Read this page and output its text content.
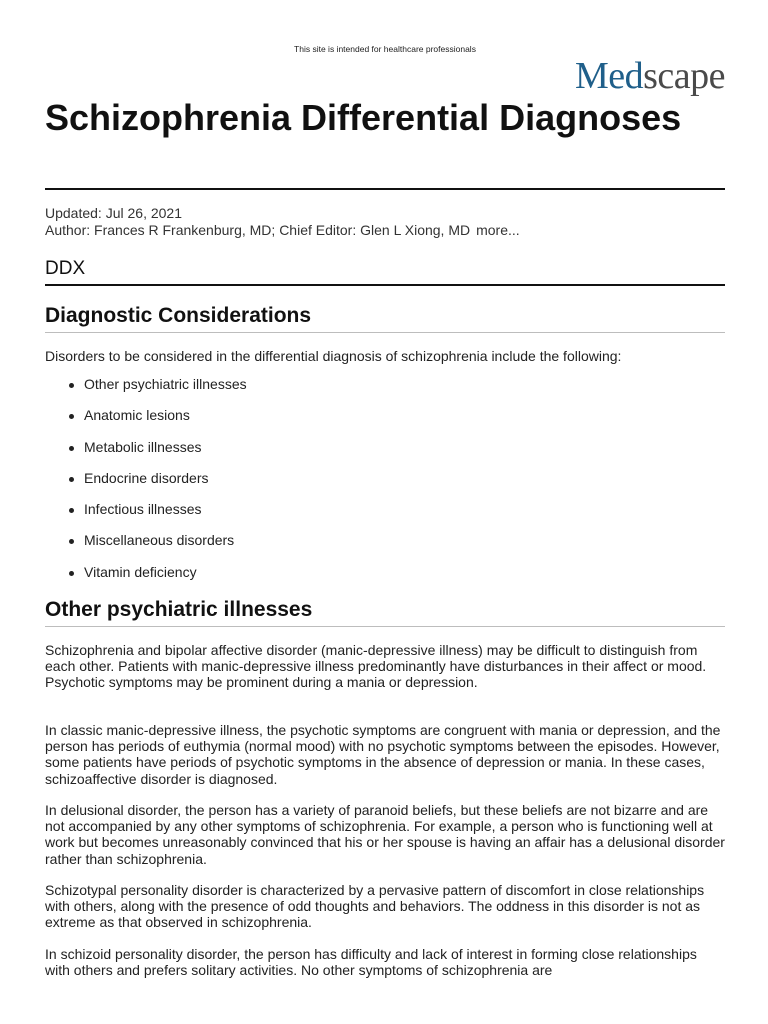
This site is intended for healthcare professionals
Medscape
Schizophrenia Differential Diagnoses
Updated: Jul 26, 2021
Author: Frances R Frankenburg, MD; Chief Editor: Glen L Xiong, MD more...
DDX
Diagnostic Considerations

Disorders to be considered in the differential diagnosis of schizophrenia include the following:

Other psychiatric illnesses
Anatomic lesions
Metabolic illnesses
Endocrine disorders
Infectious illnesses
Miscellaneous disorders
Vitamin deficiency
Other psychiatric illnesses

Schizophrenia and bipolar affective disorder (manic-depressive illness) may be difficult to distinguish from each other. Patients with manic-depressive illness predominantly have disturbances in their affect or mood. Psychotic symptoms may be prominent during a mania or depression.

In classic manic-depressive illness, the psychotic symptoms are congruent with mania or depression, and the person has periods of euthymia (normal mood) with no psychotic symptoms between the episodes. However, some patients have periods of psychotic symptoms in the absence of depression or mania. In these cases, schizoaffective disorder is diagnosed.

In delusional disorder, the person has a variety of paranoid beliefs, but these beliefs are not bizarre and are not accompanied by any other symptoms of schizophrenia. For example, a person who is functioning well at work but becomes unreasonably convinced that his or her spouse is having an affair has a delusional disorder rather than schizophrenia.

Schizotypal personality disorder is characterized by a pervasive pattern of discomfort in close relationships with others, along with the presence of odd thoughts and behaviors. The oddness in this disorder is not as extreme as that observed in schizophrenia.

In schizoid personality disorder, the person has difficulty and lack of interest in forming close relationships with others and prefers solitary activities. No other symptoms of schizophrenia are
